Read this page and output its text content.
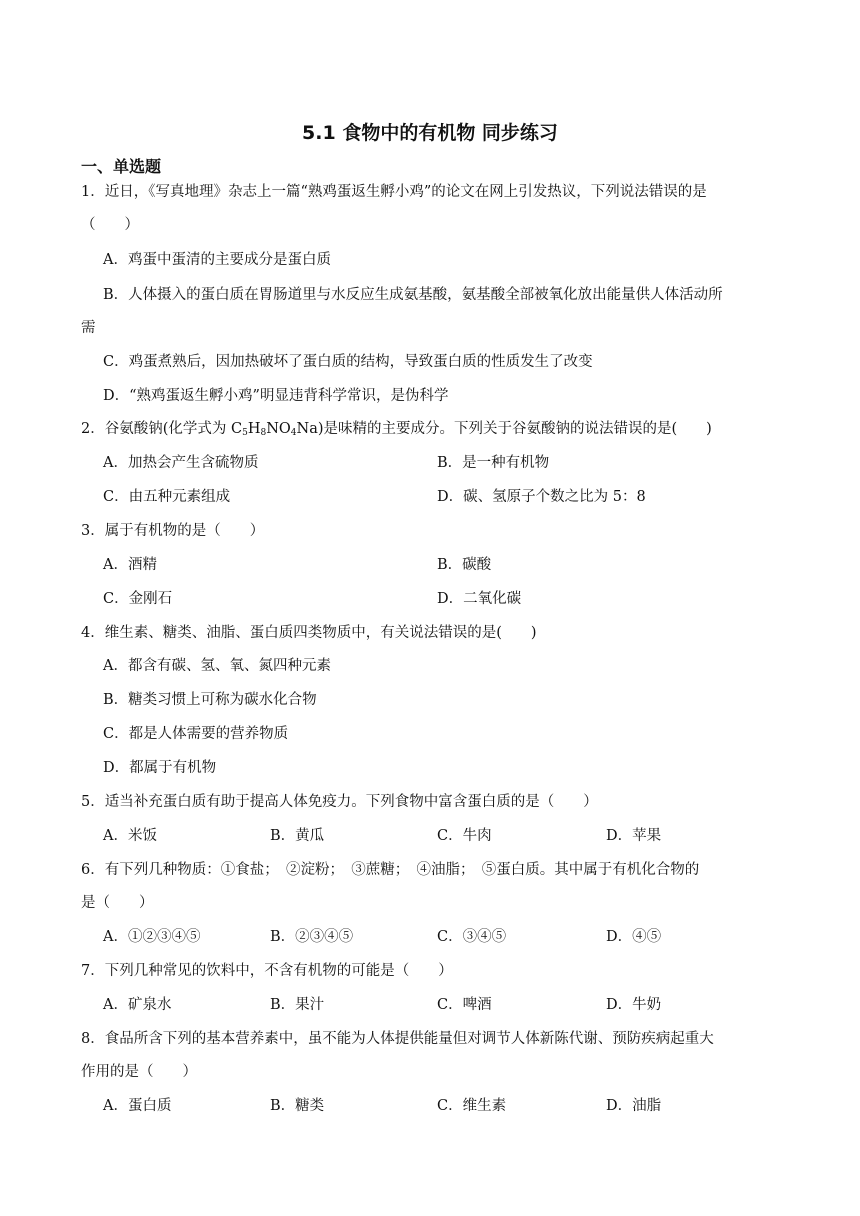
5.1 食物中的有机物 同步练习
一、单选题
1．近日，《写真地理》杂志上一篇“熟鸡蛋返生孵小鸡”的论文在网上引发热议，下列说法错误的是
（　　）
A．鸡蛋中蛋清的主要成分是蛋白质
B．人体摄入的蛋白质在胃肠道里与水反应生成氨基酸，氨基酸全部被氧化放出能量供人体活动所
需
C．鸡蛋煮熟后，因加热破坏了蛋白质的结构，导致蛋白质的性质发生了改变
D．“熟鸡蛋返生孵小鸡”明显违背科学常识，是伪科学
2．谷氨酸钠(化学式为 $C_5H_8NO_4Na$)是味精的主要成分。下列关于谷氨酸钠的说法错误的是(　　)
A．加热会产生含硫物质	B．是一种有机物
C．由五种元素组成	D．碳、氢原子个数之比为 5：8
3．属于有机物的是（　　）
A．酒精	B．碳酸
C．金刚石	D．二氧化碳
4．维生素、糖类、油脂、蛋白质四类物质中，有关说法错误的是(　　)
A．都含有碳、氢、氧、氮四种元素
B．糖类习惯上可称为碳水化合物
C．都是人体需要的营养物质
D．都属于有机物
5．适当补充蛋白质有助于提高人体免疫力。下列食物中富含蛋白质的是（　　）
A．米饭	B．黄瓜	C．牛肉	D．苹果
6．有下列几种物质：①食盐；　②淀粉；　③蔗糖；　④油脂；　⑤蛋白质。其中属于有机化合物的
是（　　）
A．①②③④⑤	B．②③④⑤	C．③④⑤	D．④⑤
7．下列几种常见的饮料中，不含有机物的可能是（　　）
A．矿泉水	B．果汁	C．啤酒	D．牛奶
8．食品所含下列的基本营养素中，虽不能为人体提供能量但对调节人体新陈代谢、预防疾病起重大
作用的是（　　）
A．蛋白质	B．糖类	C．维生素	D．油脂
